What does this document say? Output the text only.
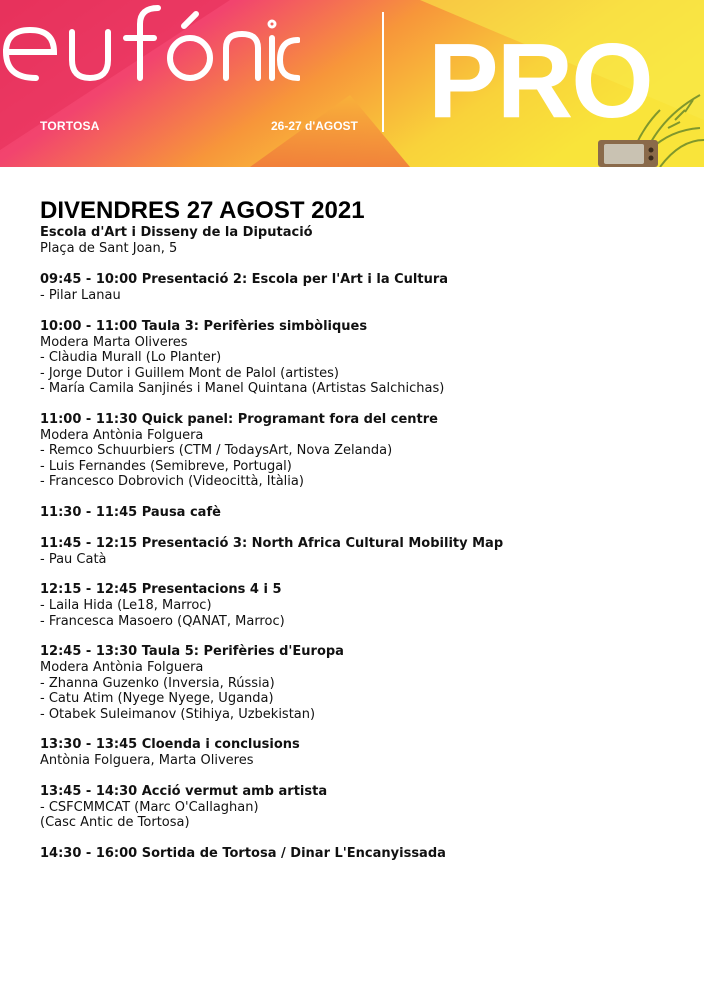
TORTOSA	26-27 d'AGOST PRO
DIVENDRES 27 AGOST 2021
Escola d'Art i Disseny de la Diputació
Plaça de Sant Joan, 5
09:45 - 10:00 Presentació 2: Escola per l'Art i la Cultura
- Pilar Lanau
10:00 - 11:00 Taula 3: Perifèries simbòliques
Modera Marta Oliveres
- Clàudia Murall (Lo Planter)
- Jorge Dutor i Guillem Mont de Palol (artistes)
- María Camila Sanjinés i Manel Quintana (Artistas Salchichas)
11:00 - 11:30 Quick panel: Programant fora del centre
Modera Antònia Folguera
- Remco Schuurbiers (CTM / TodaysArt, Nova Zelanda)
- Luis Fernandes (Semibreve, Portugal)
- Francesco Dobrovich (Videocittà, Itàlia)
11:30 - 11:45 Pausa cafè
11:45 - 12:15 Presentació 3: North Africa Cultural Mobility Map
- Pau Catà
12:15 - 12:45 Presentacions 4 i 5
- Laila Hida (Le18, Marroc)
- Francesca Masoero (QANAT, Marroc)
12:45 - 13:30 Taula 5: Perifèries d'Europa
Modera Antònia Folguera
- Zhanna Guzenko (Inversia, Rússia)
- Catu Atim (Nyege Nyege, Uganda)
- Otabek Suleimanov (Stihiya, Uzbekistan)
13:30 - 13:45 Cloenda i conclusions
Antònia Folguera, Marta Oliveres
13:45 - 14:30 Acció vermut amb artista
- CSFCMMCAT (Marc O'Callaghan)
(Casc Antic de Tortosa)
14:30 - 16:00 Sortida de Tortosa / Dinar L'Encanyissada
